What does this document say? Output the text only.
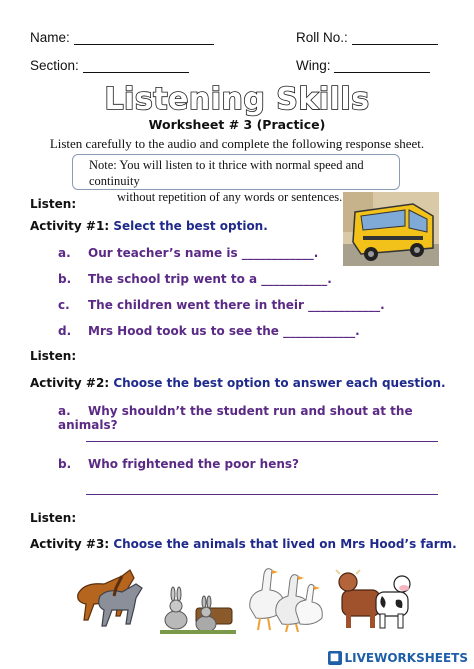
Name:	Roll No.:
Section:	Wing:
Listening Skills
Worksheet # 3 (Practice)
Listen carefully to the audio and complete the following response sheet.
Note: You will listen to it thrice with normal speed and continuity
without repetition of any words or sentences.
Listen:
Activity #1: Select the best option.
a. Our teacher’s name is ____________.
b. The school trip went to a ___________.
c. The children went there in their ____________.
d. Mrs Hood took us to see the ____________.
Listen:
Activity #2: Choose the best option to answer each question.
a. Why shouldn’t the student run and shout at the animals?
b. Who frightened the poor hens?
Listen:
Activity #3: Choose the animals that lived on Mrs Hood’s farm.
■ LIVEWORKSHEETS
